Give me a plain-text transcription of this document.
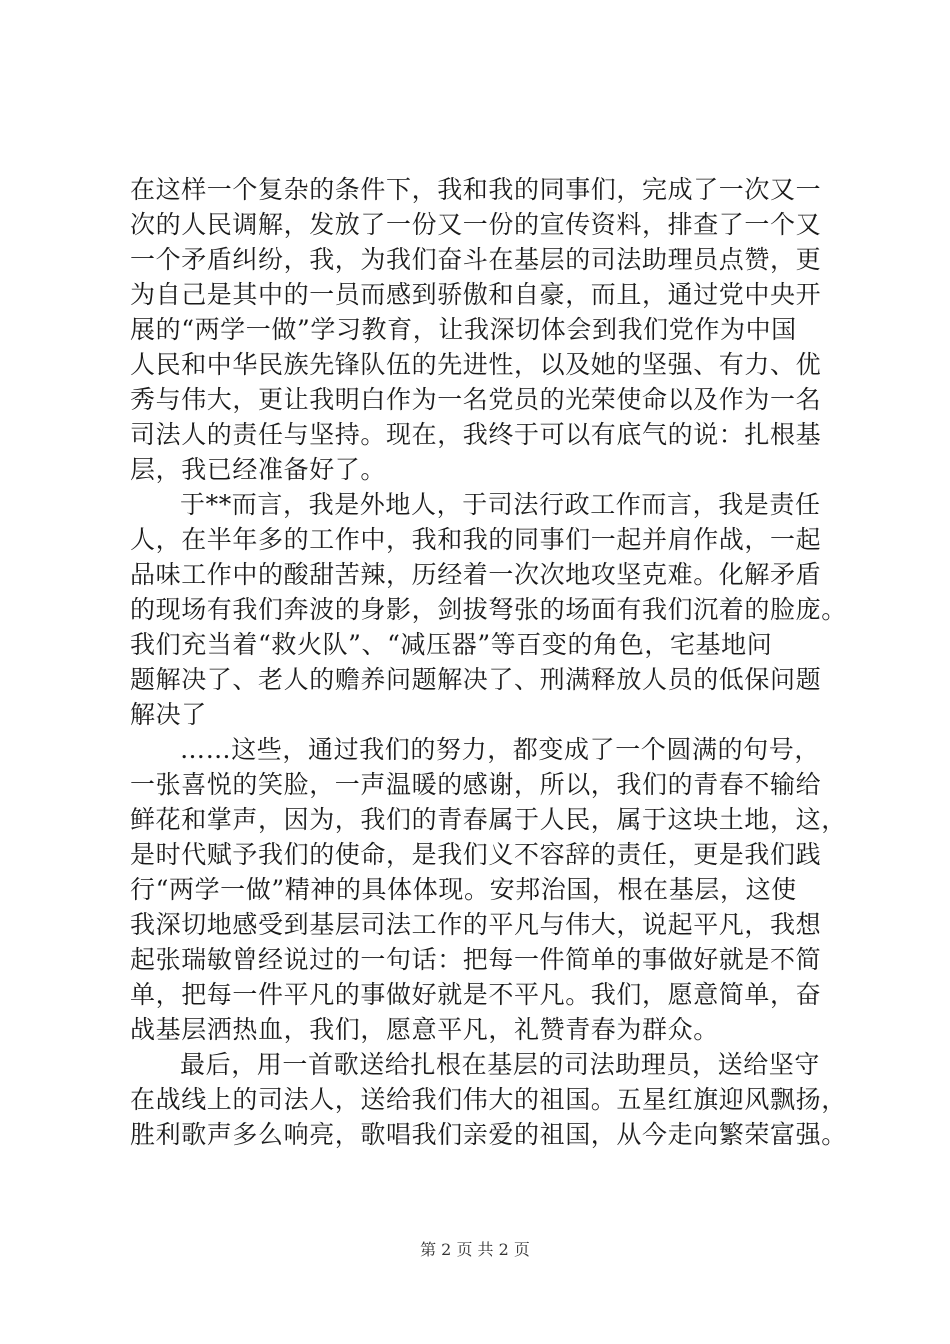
在这样一个复杂的条件下，我和我的同事们，完成了一次又一
次的人民调解，发放了一份又一份的宣传资料，排查了一个又
一个矛盾纠纷，我，为我们奋斗在基层的司法助理员点赞，更
为自己是其中的一员而感到骄傲和自豪，而且，通过党中央开
展的“两学一做”学习教育，让我深切体会到我们党作为中国
人民和中华民族先锋队伍的先进性，以及她的坚强、有力、优
秀与伟大，更让我明白作为一名党员的光荣使命以及作为一名
司法人的责任与坚持。现在，我终于可以有底气的说：扎根基
层，我已经准备好了。
于**而言，我是外地人，于司法行政工作而言，我是责任
人，在半年多的工作中，我和我的同事们一起并肩作战，一起
品味工作中的酸甜苦辣，历经着一次次地攻坚克难。化解矛盾
的现场有我们奔波的身影，剑拔弩张的场面有我们沉着的脸庞。
我们充当着“救火队”、“减压器”等百变的角色，宅基地问
题解决了、老人的赡养问题解决了、刑满释放人员的低保问题
解决了
……这些，通过我们的努力，都变成了一个圆满的句号，
一张喜悦的笑脸，一声温暖的感谢，所以，我们的青春不输给
鲜花和掌声，因为，我们的青春属于人民，属于这块土地，这，
是时代赋予我们的使命，是我们义不容辞的责任，更是我们践
行“两学一做”精神的具体体现。安邦治国，根在基层，这使
我深切地感受到基层司法工作的平凡与伟大，说起平凡，我想
起张瑞敏曾经说过的一句话：把每一件简单的事做好就是不简
单，把每一件平凡的事做好就是不平凡。我们，愿意简单，奋
战基层洒热血，我们，愿意平凡，礼赞青春为群众。
最后，用一首歌送给扎根在基层的司法助理员，送给坚守
在战线上的司法人，送给我们伟大的祖国。五星红旗迎风飘扬，
胜利歌声多么响亮，歌唱我们亲爱的祖国，从今走向繁荣富强。
第 2 页 共 2 页
